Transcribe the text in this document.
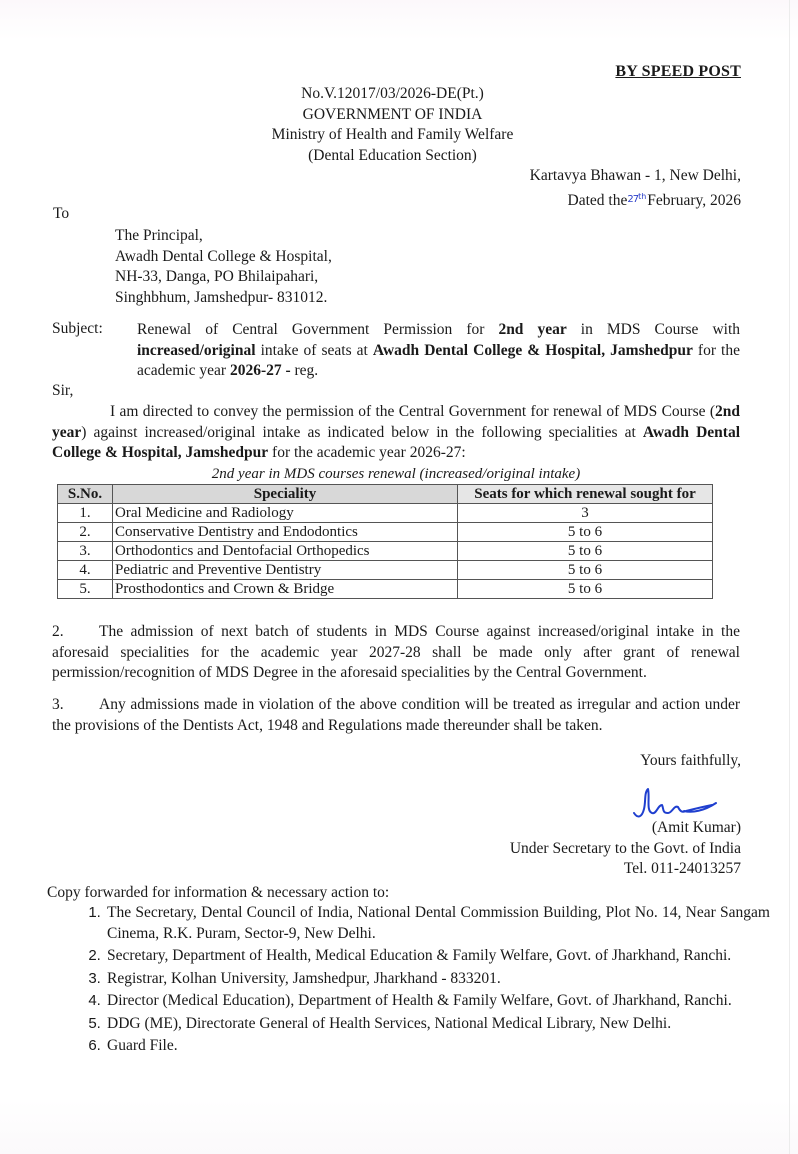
BY SPEED POST
No.V.12017/03/2026-DE(Pt.)
GOVERNMENT OF INDIA
Ministry of Health and Family Welfare
(Dental Education Section)
Kartavya Bhawan - 1, New Delhi,
Dated the27thFebruary, 2026
To
The Principal,
Awadh Dental College & Hospital,
NH-33, Danga, PO Bhilaipahari,
Singhbhum, Jamshedpur- 831012.
Subject: Renewal of Central Government Permission for 2nd year in MDS Course with increased/original intake of seats at Awadh Dental College & Hospital, Jamshedpur for the academic year 2026-27 - reg.
Sir,
I am directed to convey the permission of the Central Government for renewal of MDS Course (2nd year) against increased/original intake as indicated below in the following specialities at Awadh Dental College & Hospital, Jamshedpur for the academic year 2026-27:
2nd year in MDS courses renewal (increased/original intake)
S.No.	Speciality	Seats for which renewal sought for
1.	Oral Medicine and Radiology	3
2.	Conservative Dentistry and Endodontics	5 to 6
3.	Orthodontics and Dentofacial Orthopedics	5 to 6
4.	Pediatric and Preventive Dentistry	5 to 6
5.	Prosthodontics and Crown & Bridge	5 to 6
2. The admission of next batch of students in MDS Course against increased/original intake in the aforesaid specialities for the academic year 2027-28 shall be made only after grant of renewal permission/recognition of MDS Degree in the aforesaid specialities by the Central Government.
3. Any admissions made in violation of the above condition will be treated as irregular and action under the provisions of the Dentists Act, 1948 and Regulations made thereunder shall be taken.
Yours faithfully,
(Amit Kumar)
Under Secretary to the Govt. of India
Tel. 011-24013257
Copy forwarded for information & necessary action to:
1. The Secretary, Dental Council of India, National Dental Commission Building, Plot No. 14, Near Sangam Cinema, R.K. Puram, Sector-9, New Delhi.
2. Secretary, Department of Health, Medical Education & Family Welfare, Govt. of Jharkhand, Ranchi.
3. Registrar, Kolhan University, Jamshedpur, Jharkhand - 833201.
4. Director (Medical Education), Department of Health & Family Welfare, Govt. of Jharkhand, Ranchi.
5. DDG (ME), Directorate General of Health Services, National Medical Library, New Delhi.
6. Guard File.
